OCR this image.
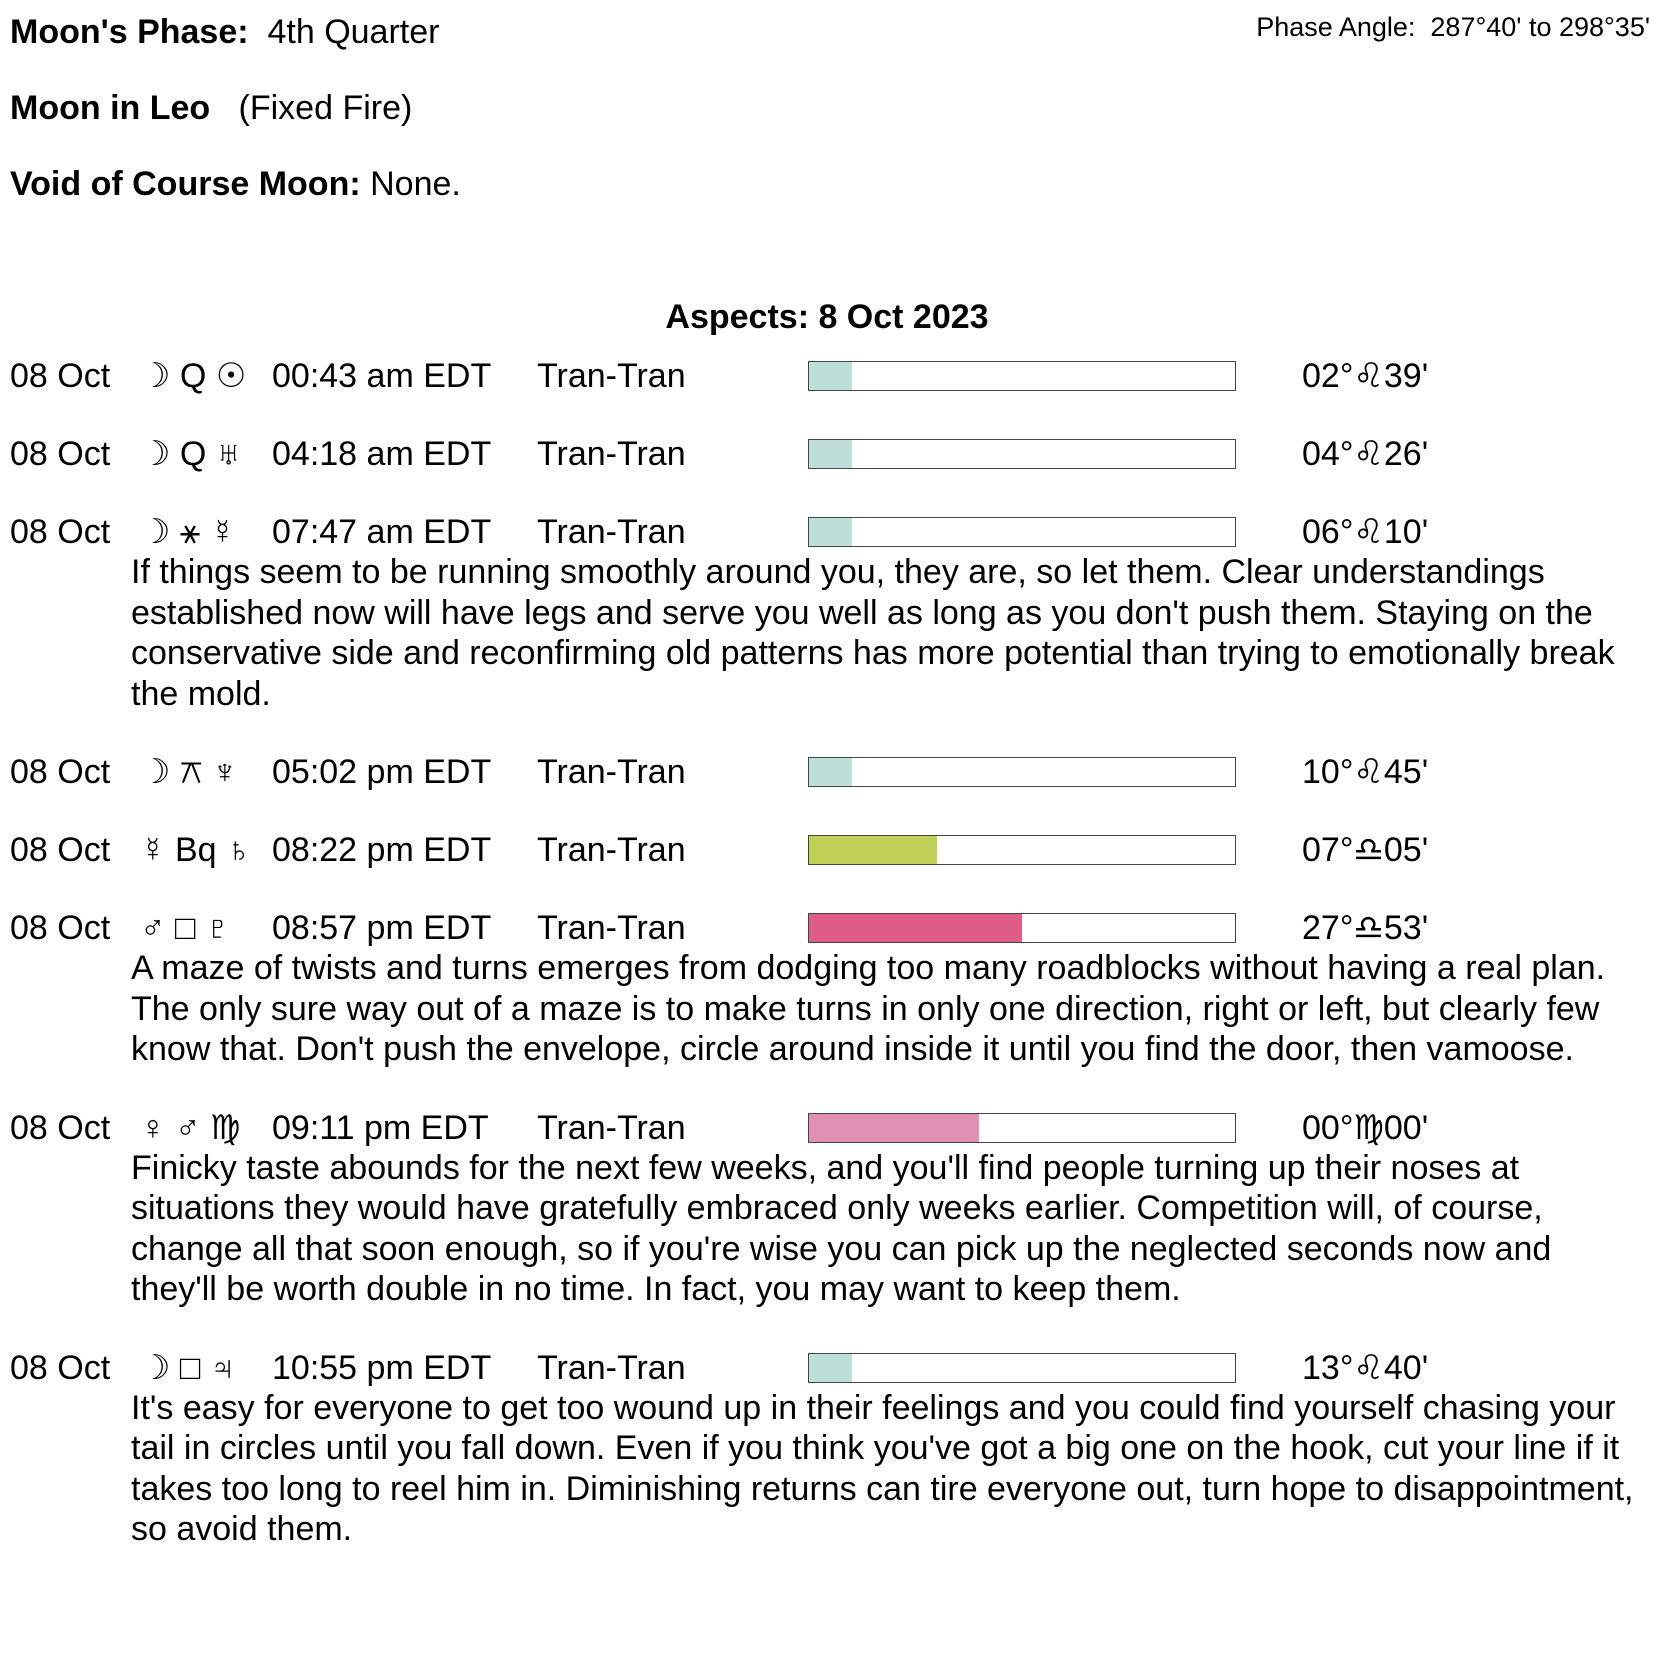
Moon's Phase: 4th Quarter	Phase Angle: 287°40' to 298°35'
Moon in Leo (Fixed Fire)
Void of Course Moon: None.
Aspects: 8 Oct 2023
08 Oct ☽ Q ☉ 00:43 am EDT Tran-Tran	02°♌39'
08 Oct ☽ Q ♅ 04:18 am EDT Tran-Tran	04°♌26'
08 Oct ☽ ⚹ ☿ 07:47 am EDT Tran-Tran	06°♌10'
If things seem to be running smoothly around you, they are, so let them. Clear understandings established now will have legs and serve you well as long as you don't push them. Staying on the conservative side and reconfirming old patterns has more potential than trying to emotionally break the mold.
08 Oct ☽ ⚻ ♆ 05:02 pm EDT Tran-Tran	10°♌45'
08 Oct ☿ Bq ♄ 08:22 pm EDT Tran-Tran	07°♎05'
08 Oct ♂ □ ♇ 08:57 pm EDT Tran-Tran	27°♎53'
A maze of twists and turns emerges from dodging too many roadblocks without having a real plan. The only sure way out of a maze is to make turns in only one direction, right or left, but clearly few know that. Don't push the envelope, circle around inside it until you find the door, then vamoose.
08 Oct ♀ ♂ ♍ 09:11 pm EDT Tran-Tran	00°♍00'
Finicky taste abounds for the next few weeks, and you'll find people turning up their noses at situations they would have gratefully embraced only weeks earlier. Competition will, of course, change all that soon enough, so if you're wise you can pick up the neglected seconds now and they'll be worth double in no time. In fact, you may want to keep them.
08 Oct ☽ □ ♃ 10:55 pm EDT Tran-Tran	13°♌40'
It's easy for everyone to get too wound up in their feelings and you could find yourself chasing your tail in circles until you fall down. Even if you think you've got a big one on the hook, cut your line if it takes too long to reel him in. Diminishing returns can tire everyone out, turn hope to disappointment, so avoid them.
